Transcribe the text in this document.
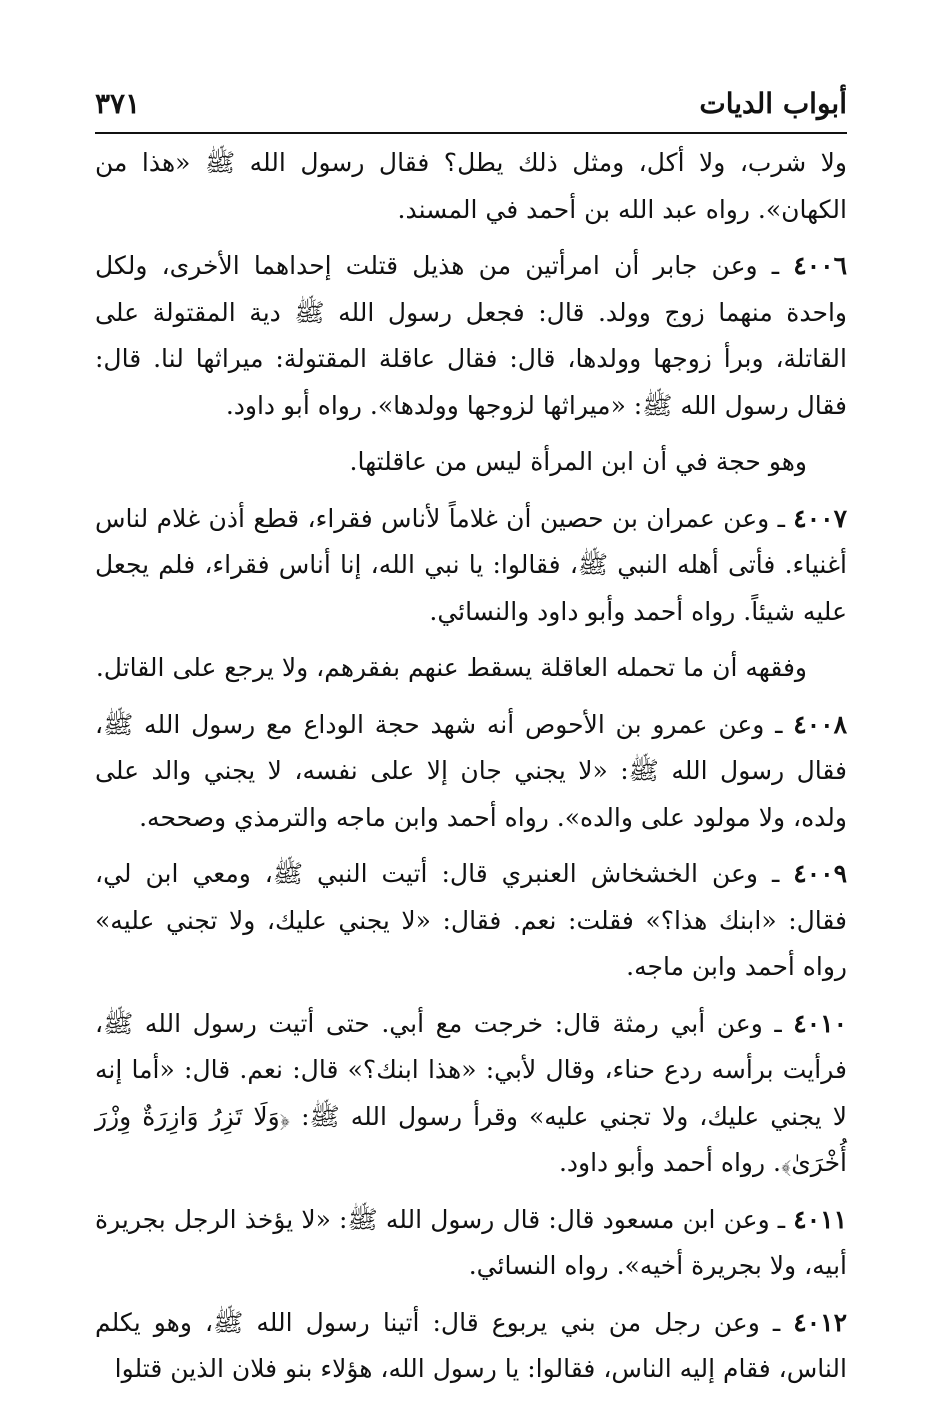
أبواب الديات
٣٧١

ولا شرب، ولا أكل، ومثل ذلك يطل؟ فقال رسول الله ﷺ «هذا من الكهان». رواه عبد الله بن أحمد في المسند.

٤٠٠٦ ـ وعن جابر أن امرأتين من هذيل قتلت إحداهما الأخرى، ولكل واحدة منهما زوج وولد. قال: فجعل رسول الله ﷺ دية المقتولة على القاتلة، وبرأ زوجها وولدها، قال: فقال عاقلة المقتولة: ميراثها لنا. قال: فقال رسول الله ﷺ: «ميراثها لزوجها وولدها». رواه أبو داود.

وهو حجة في أن ابن المرأة ليس من عاقلتها.

٤٠٠٧ ـ وعن عمران بن حصين أن غلاماً لأناس فقراء، قطع أذن غلام لناس أغنياء. فأتى أهله النبي ﷺ، فقالوا: يا نبي الله، إنا أناس فقراء، فلم يجعل عليه شيئاً. رواه أحمد وأبو داود والنسائي.

وفقهه أن ما تحمله العاقلة يسقط عنهم بفقرهم، ولا يرجع على القاتل.

٤٠٠٨ ـ وعن عمرو بن الأحوص أنه شهد حجة الوداع مع رسول الله ﷺ، فقال رسول الله ﷺ: «لا يجني جان إلا على نفسه، لا يجني والد على ولده، ولا مولود على والده». رواه أحمد وابن ماجه والترمذي وصححه.

٤٠٠٩ ـ وعن الخشخاش العنبري قال: أتيت النبي ﷺ، ومعي ابن لي، فقال: «ابنك هذا؟» فقلت: نعم. فقال: «لا يجني عليك، ولا تجني عليه» رواه أحمد وابن ماجه.

٤٠١٠ ـ وعن أبي رمثة قال: خرجت مع أبي. حتى أتيت رسول الله ﷺ، فرأيت برأسه ردع حناء، وقال لأبي: «هذا ابنك؟» قال: نعم. قال: «أما إنه لا يجني عليك، ولا تجني عليه» وقرأ رسول الله ﷺ: ﴿وَلَا تَزِرُ وَازِرَةٌ وِزْرَ أُخْرَىٰ﴾. رواه أحمد وأبو داود.

٤٠١١ ـ وعن ابن مسعود قال: قال رسول الله ﷺ: «لا يؤخذ الرجل بجريرة أبيه، ولا بجريرة أخيه». رواه النسائي.

٤٠١٢ ـ وعن رجل من بني يربوع قال: أتينا رسول الله ﷺ، وهو يكلم الناس، فقام إليه الناس، فقالوا: يا رسول الله، هؤلاء بنو فلان الذين قتلوا
